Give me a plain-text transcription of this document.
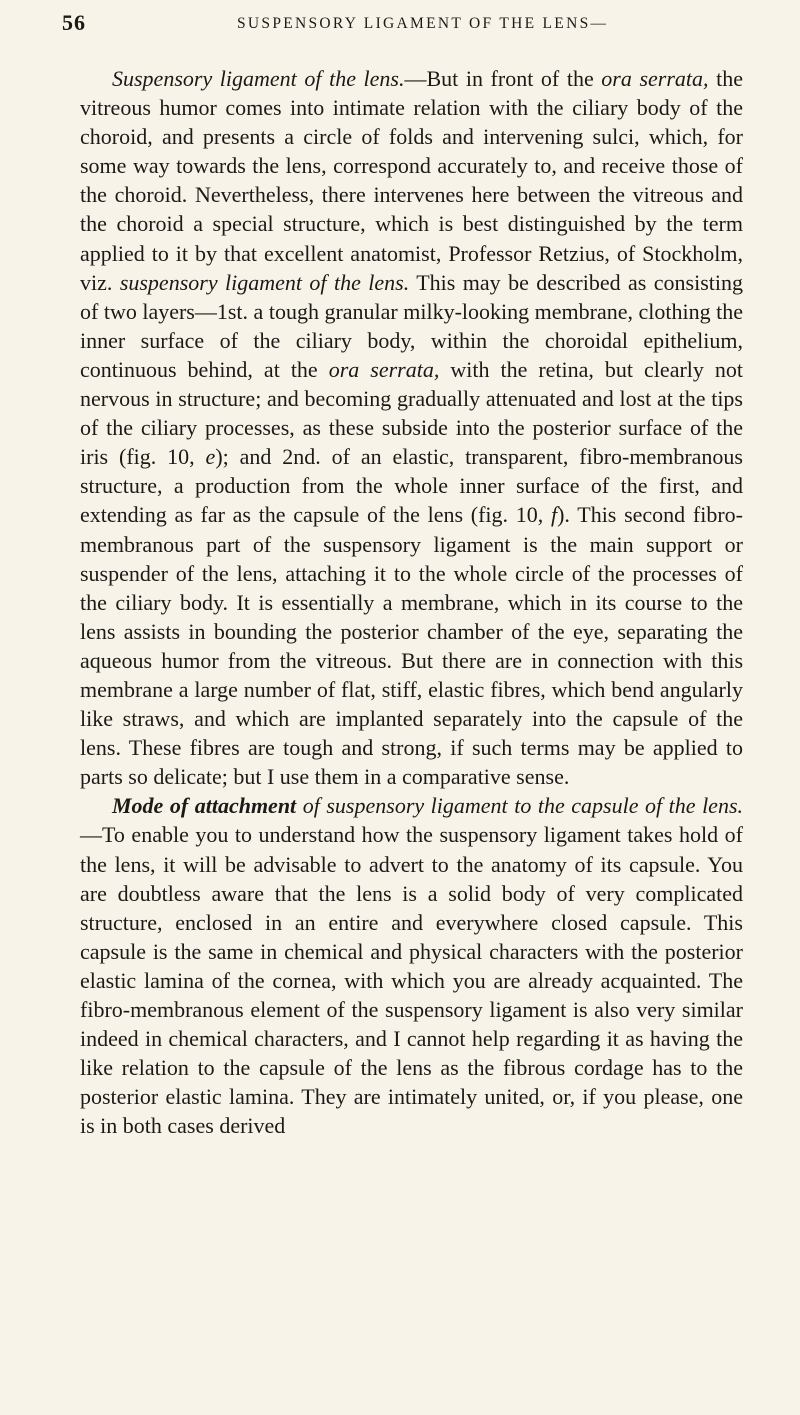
56	SUSPENSORY LIGAMENT OF THE LENS—

Suspensory ligament of the lens.—But in front of the ora serrata, the vitreous humor comes into intimate relation with the ciliary body of the choroid, and presents a circle of folds and intervening sulci, which, for some way towards the lens, correspond accurately to, and receive those of the choroid. Nevertheless, there intervenes here between the vitreous and the choroid a special structure, which is best distinguished by the term applied to it by that excellent anatomist, Professor Retzius, of Stockholm, viz. suspensory ligament of the lens. This may be described as consisting of two layers—1st. a tough granular milky-looking membrane, clothing the inner surface of the ciliary body, within the choroidal epithelium, continuous behind, at the ora serrata, with the retina, but clearly not nervous in structure; and becoming gradually attenuated and lost at the tips of the ciliary processes, as these subside into the posterior surface of the iris (fig. 10, e); and 2nd. of an elastic, transparent, fibro-membranous structure, a production from the whole inner surface of the first, and extending as far as the capsule of the lens (fig. 10, f). This second fibro-membranous part of the suspensory ligament is the main support or suspender of the lens, attaching it to the whole circle of the processes of the ciliary body. It is essentially a membrane, which in its course to the lens assists in bounding the posterior chamber of the eye, separating the aqueous humor from the vitreous. But there are in connection with this membrane a large number of flat, stiff, elastic fibres, which bend angularly like straws, and which are implanted separately into the capsule of the lens. These fibres are tough and strong, if such terms may be applied to parts so delicate; but I use them in a comparative sense.

Mode of attachment of suspensory ligament to the capsule of the lens.—To enable you to understand how the suspensory ligament takes hold of the lens, it will be advisable to advert to the anatomy of its capsule. You are doubtless aware that the lens is a solid body of very complicated structure, enclosed in an entire and everywhere closed capsule. This capsule is the same in chemical and physical characters with the posterior elastic lamina of the cornea, with which you are already acquainted. The fibro-membranous element of the suspensory ligament is also very similar indeed in chemical characters, and I cannot help regarding it as having the like relation to the capsule of the lens as the fibrous cordage has to the posterior elastic lamina. They are intimately united, or, if you please, one is in both cases derived
